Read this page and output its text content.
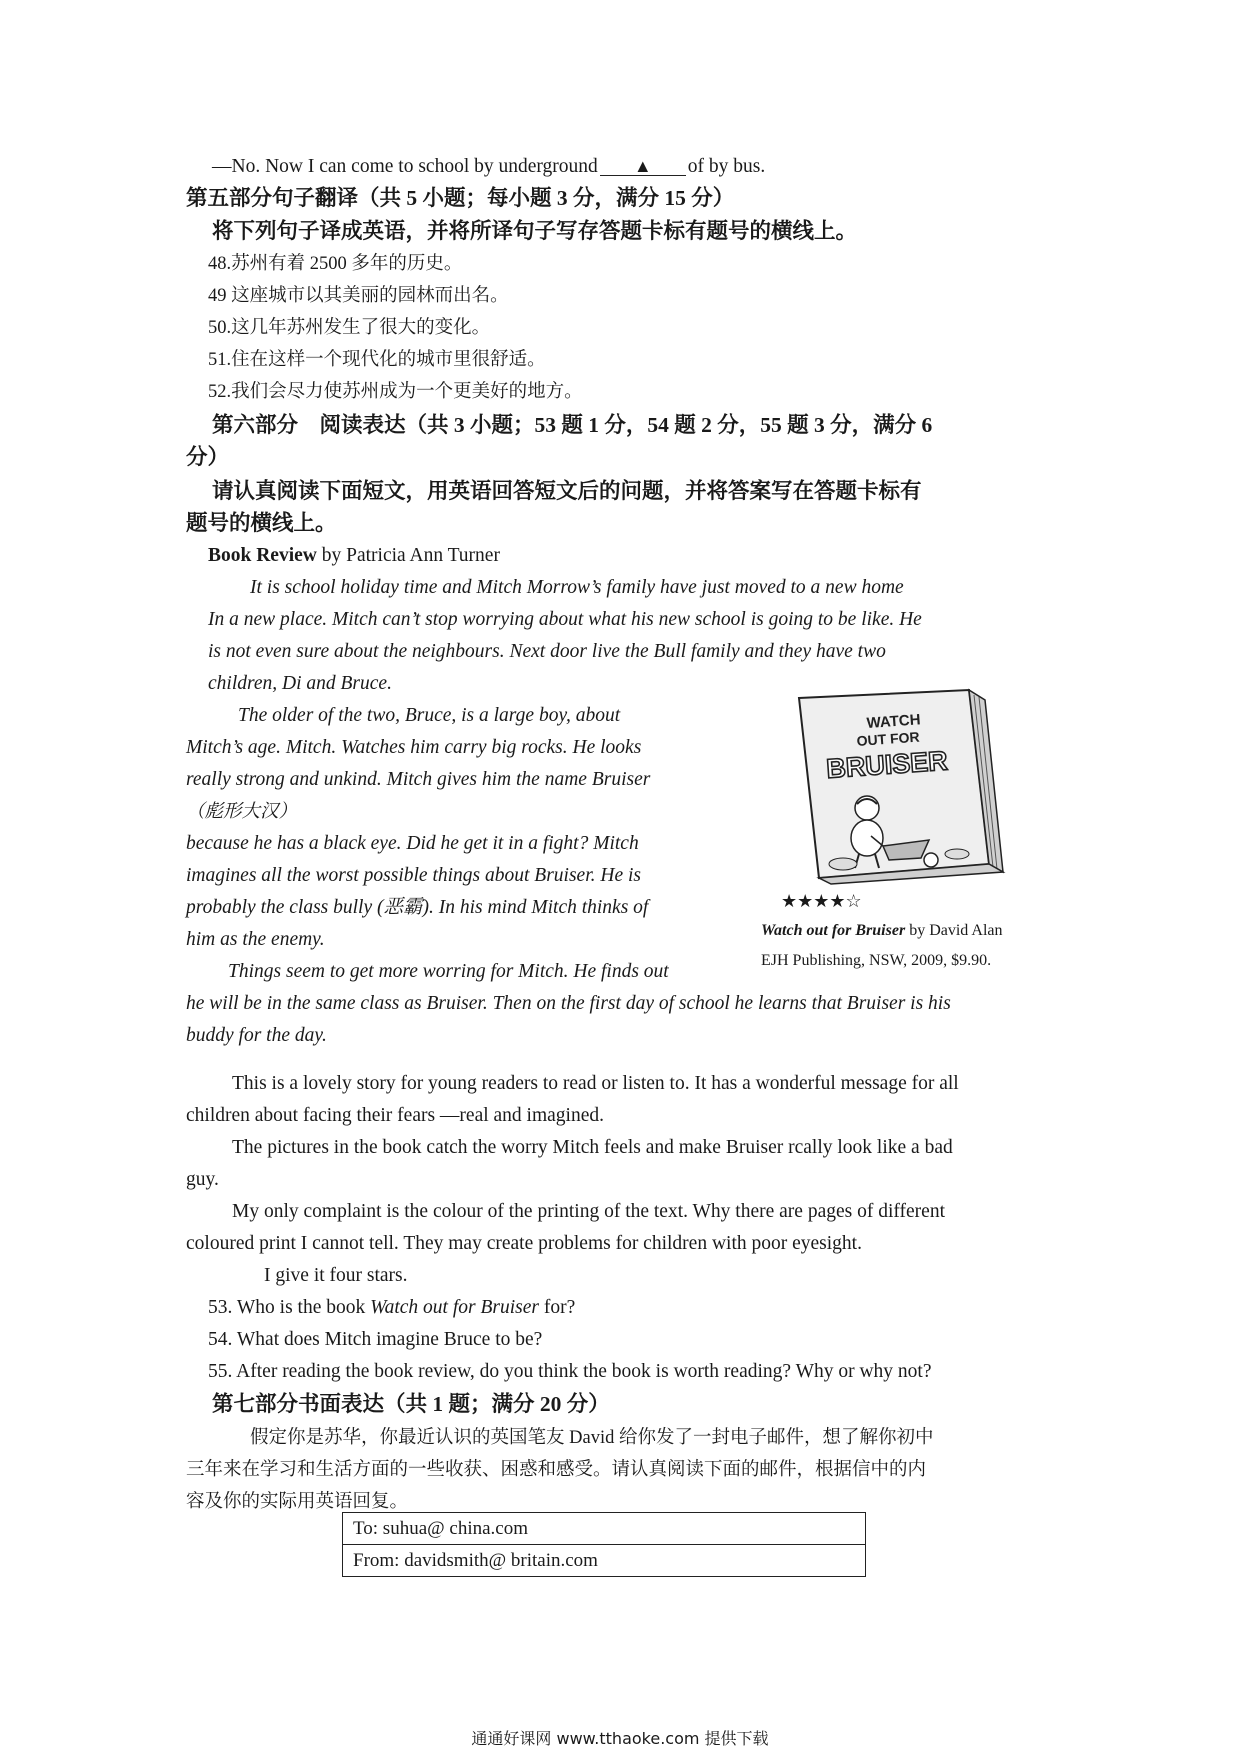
—No. Now I can come to school by underground ▲ of by bus.
第五部分句子翻译（共 5 小题；每小题 3 分，满分 15 分）
将下列句子译成英语，并将所译句子写存答题卡标有题号的横线上。
48.苏州有着 2500 多年的历史。
49 这座城市以其美丽的园林而出名。
50.这几年苏州发生了很大的变化。
51.住在这样一个现代化的城市里很舒适。
52.我们会尽力使苏州成为一个更美好的地方。
第六部分　阅读表达（共 3 小题；53 题 1 分，54 题 2 分，55 题 3 分，满分 6
分）
请认真阅读下面短文，用英语回答短文后的问题，并将答案写在答题卡标有
题号的横线上。
Book Review by Patricia Ann Turner
It is school holiday time and Mitch Morrow’s family have just moved to a new home
In a new place. Mitch can’t stop worrying about what his new school is going to be like. He
is not even sure about the neighbours. Next door live the Bull family and they have two
children, Di and Bruce.
The older of the two, Bruce, is a large boy, about
Mitch’s age. Mitch. Watches him carry big rocks. He looks
really strong and unkind. Mitch gives him the name Bruiser
（彪形大汉）
because he has a black eye. Did he get it in a fight? Mitch
imagines all the worst possible things about Bruiser. He is
probably the class bully (恶霸). In his mind Mitch thinks of
him as the enemy.
Things seem to get more worring for Mitch. He finds out
he will be in the same class as Bruiser. Then on the first day of school he learns that Bruiser is his
buddy for the day.
WATCH
OUT FOR
BRUISER
★★★★☆
Watch out for Bruiser by David Alan
EJH Publishing, NSW, 2009, $9.90.
This is a lovely story for young readers to read or listen to. It has a wonderful message for all
children about facing their fears —real and imagined.
The pictures in the book catch the worry Mitch feels and make Bruiser rcally look like a bad
guy.
My only complaint is the colour of the printing of the text. Why there are pages of different
coloured print I cannot tell. They may create problems for children with poor eyesight.
I give it four stars.
53. Who is the book Watch out for Bruiser for?
54. What does Mitch imagine Bruce to be?
55. After reading the book review, do you think the book is worth reading? Why or why not?
第七部分书面表达（共 1 题；满分 20 分）
假定你是苏华，你最近认识的英国笔友 David 给你发了一封电子邮件，想了解你初中
三年来在学习和生活方面的一些收获、困惑和感受。请认真阅读下面的邮件，根据信中的内
容及你的实际用英语回复。
To: suhua@ china.com
From: davidsmith@ britain.com
通通好课网 www.tthaoke.com 提供下载
